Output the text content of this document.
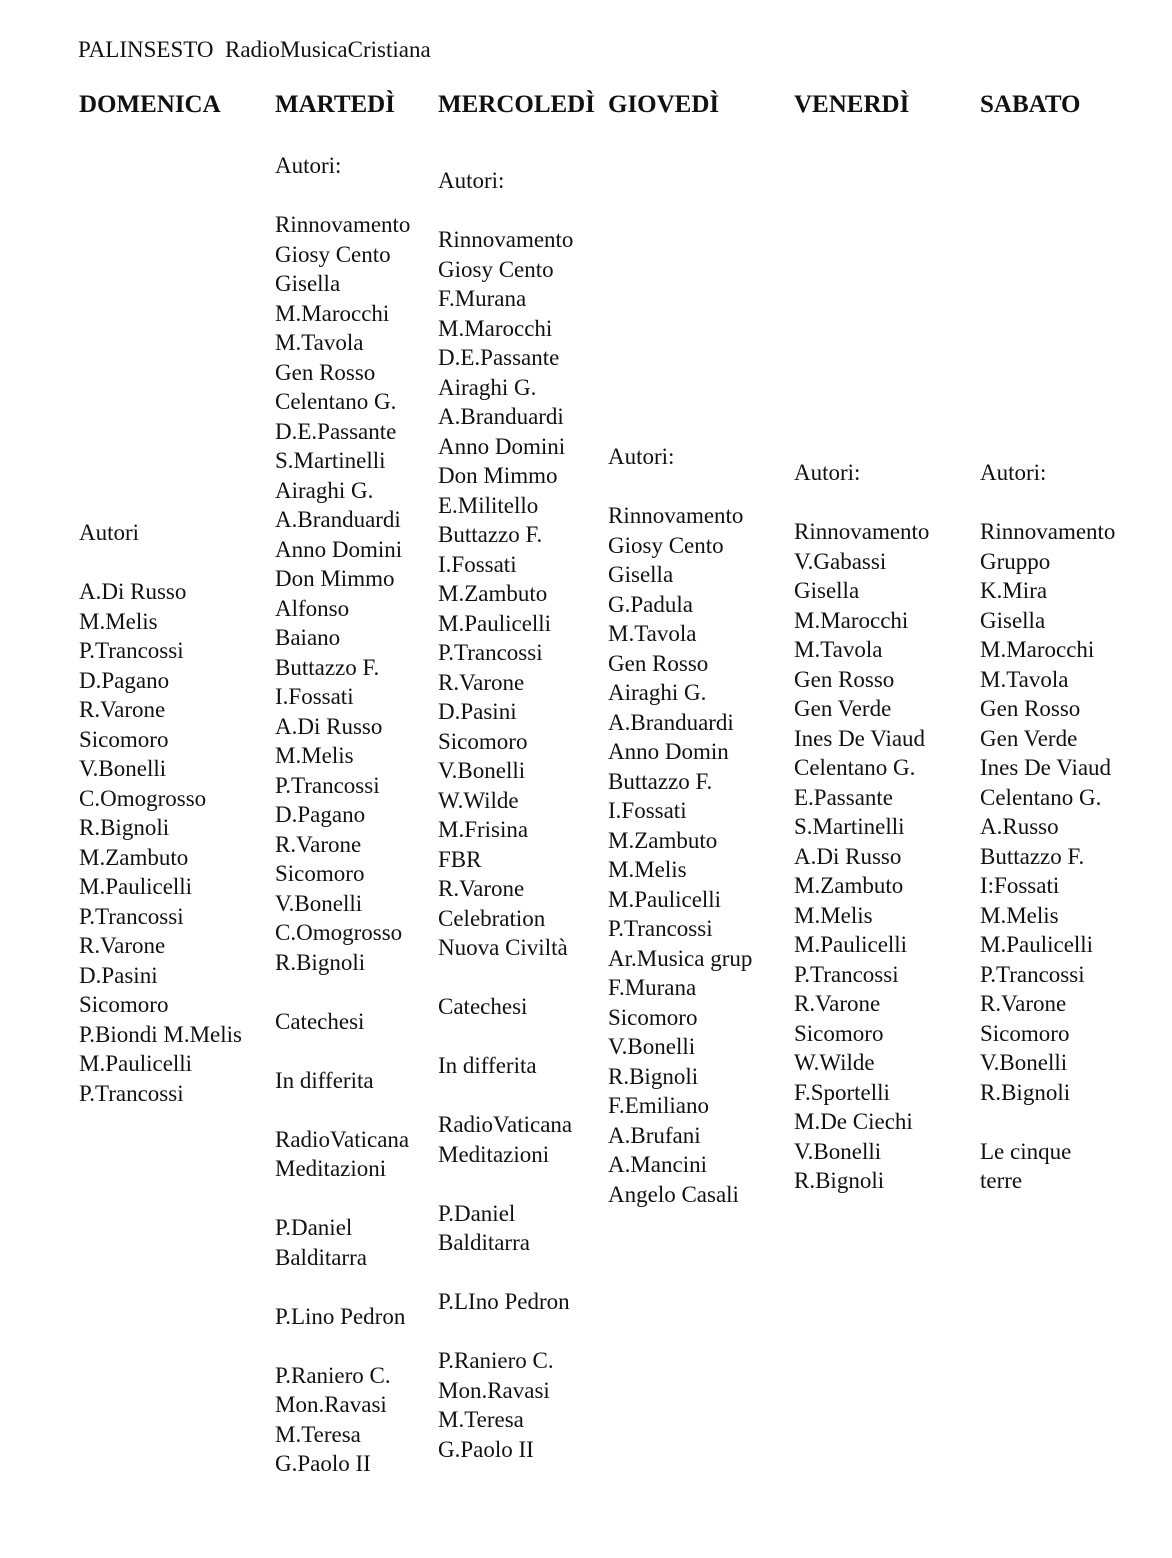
PALINSESTO  RadioMusicaCristiana
DOMENICA
Autori
A.Di Russo
M.Melis
P.Trancossi
D.Pagano
R.Varone
Sicomoro
V.Bonelli
C.Omogrosso
R.Bignoli
M.Zambuto
M.Paulicelli
P.Trancossi
R.Varone
D.Pasini
Sicomoro
P.Biondi M.Melis
M.Paulicelli
P.Trancossi
MARTEDÌ
Autori:
Rinnovamento
Giosy Cento
Gisella
M.Marocchi
M.Tavola
Gen Rosso
Celentano G.
D.E.Passante
S.Martinelli
Airaghi G.
A.Branduardi
Anno Domini
Don Mimmo
Alfonso
Baiano
Buttazzo F.
I.Fossati
A.Di Russo
M.Melis
P.Trancossi
D.Pagano
R.Varone
Sicomoro
V.Bonelli
C.Omogrosso
R.Bignoli
Catechesi
In differita
RadioVaticana
Meditazioni
P.Daniel
Balditarra
P.Lino Pedron
P.Raniero C.
Mon.Ravasi
M.Teresa
G.Paolo II
MERCOLEDÌ
Autori:
Rinnovamento
Giosy Cento
F.Murana
M.Marocchi
D.E.Passante
Airaghi G.
A.Branduardi
Anno Domini
Don Mimmo
E.Militello
Buttazzo F.
I.Fossati
M.Zambuto
M.Paulicelli
P.Trancossi
R.Varone
D.Pasini
Sicomoro
V.Bonelli
W.Wilde
M.Frisina
FBR
R.Varone
Celebration
Nuova Civiltà
Catechesi
In differita
RadioVaticana
Meditazioni
P.Daniel
Balditarra
P.LIno Pedron
P.Raniero C.
Mon.Ravasi
M.Teresa
G.Paolo II
GIOVEDÌ
Autori:
Rinnovamento
Giosy Cento
Gisella
G.Padula
M.Tavola
Gen Rosso
Airaghi G.
A.Branduardi
Anno Domin
Buttazzo F.
I.Fossati
M.Zambuto
M.Melis
M.Paulicelli
P.Trancossi
Ar.Musica grup
F.Murana
Sicomoro
V.Bonelli
R.Bignoli
F.Emiliano
A.Brufani
A.Mancini
Angelo Casali
VENERDÌ
Autori:
Rinnovamento
V.Gabassi
Gisella
M.Marocchi
M.Tavola
Gen Rosso
Gen Verde
Ines De Viaud
Celentano G.
E.Passante
S.Martinelli
A.Di Russo
M.Zambuto
M.Melis
M.Paulicelli
P.Trancossi
R.Varone
Sicomoro
W.Wilde
F.Sportelli
M.De Ciechi
V.Bonelli
R.Bignoli
SABATO
Autori:
Rinnovamento
Gruppo
K.Mira
Gisella
M.Marocchi
M.Tavola
Gen Rosso
Gen Verde
Ines De Viaud
Celentano G.
A.Russo
Buttazzo F.
I:Fossati
M.Melis
M.Paulicelli
P.Trancossi
R.Varone
Sicomoro
V.Bonelli
R.Bignoli
Le cinque
terre
